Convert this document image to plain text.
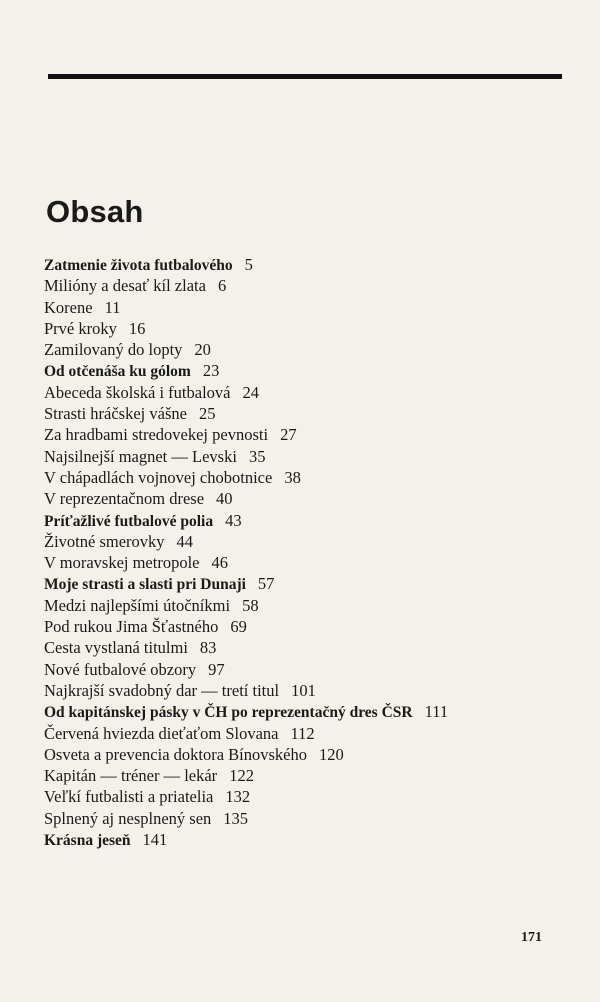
Obsah
Zatmenie života futbalového 5
Milióny a desať kíl zlata 6
Korene 11
Prvé kroky 16
Zamilovaný do lopty 20
Od otčenáša ku gólom 23
Abeceda školská i futbalová 24
Strasti hráčskej vášne 25
Za hradbami stredovekej pevnosti 27
Najsilnejší magnet — Levski 35
V chápadlách vojnovej chobotnice 38
V reprezentačnom drese 40
Príťažlivé futbalové polia 43
Životné smerovky 44
V moravskej metropole 46
Moje strasti a slasti pri Dunaji 57
Medzi najlepšími útočníkmi 58
Pod rukou Jima Šťastného 69
Cesta vystlaná titulmi 83
Nové futbalové obzory 97
Najkrajší svadobný dar — tretí titul 101
Od kapitánskej pásky v ČH po reprezentačný dres ČSR 111
Červená hviezda dieťaťom Slovana 112
Osveta a prevencia doktora Bínovského 120
Kapitán — tréner — lekár 122
Veľkí futbalisti a priatelia 132
Splnený aj nesplnený sen 135
Krásna jeseň 141
171
